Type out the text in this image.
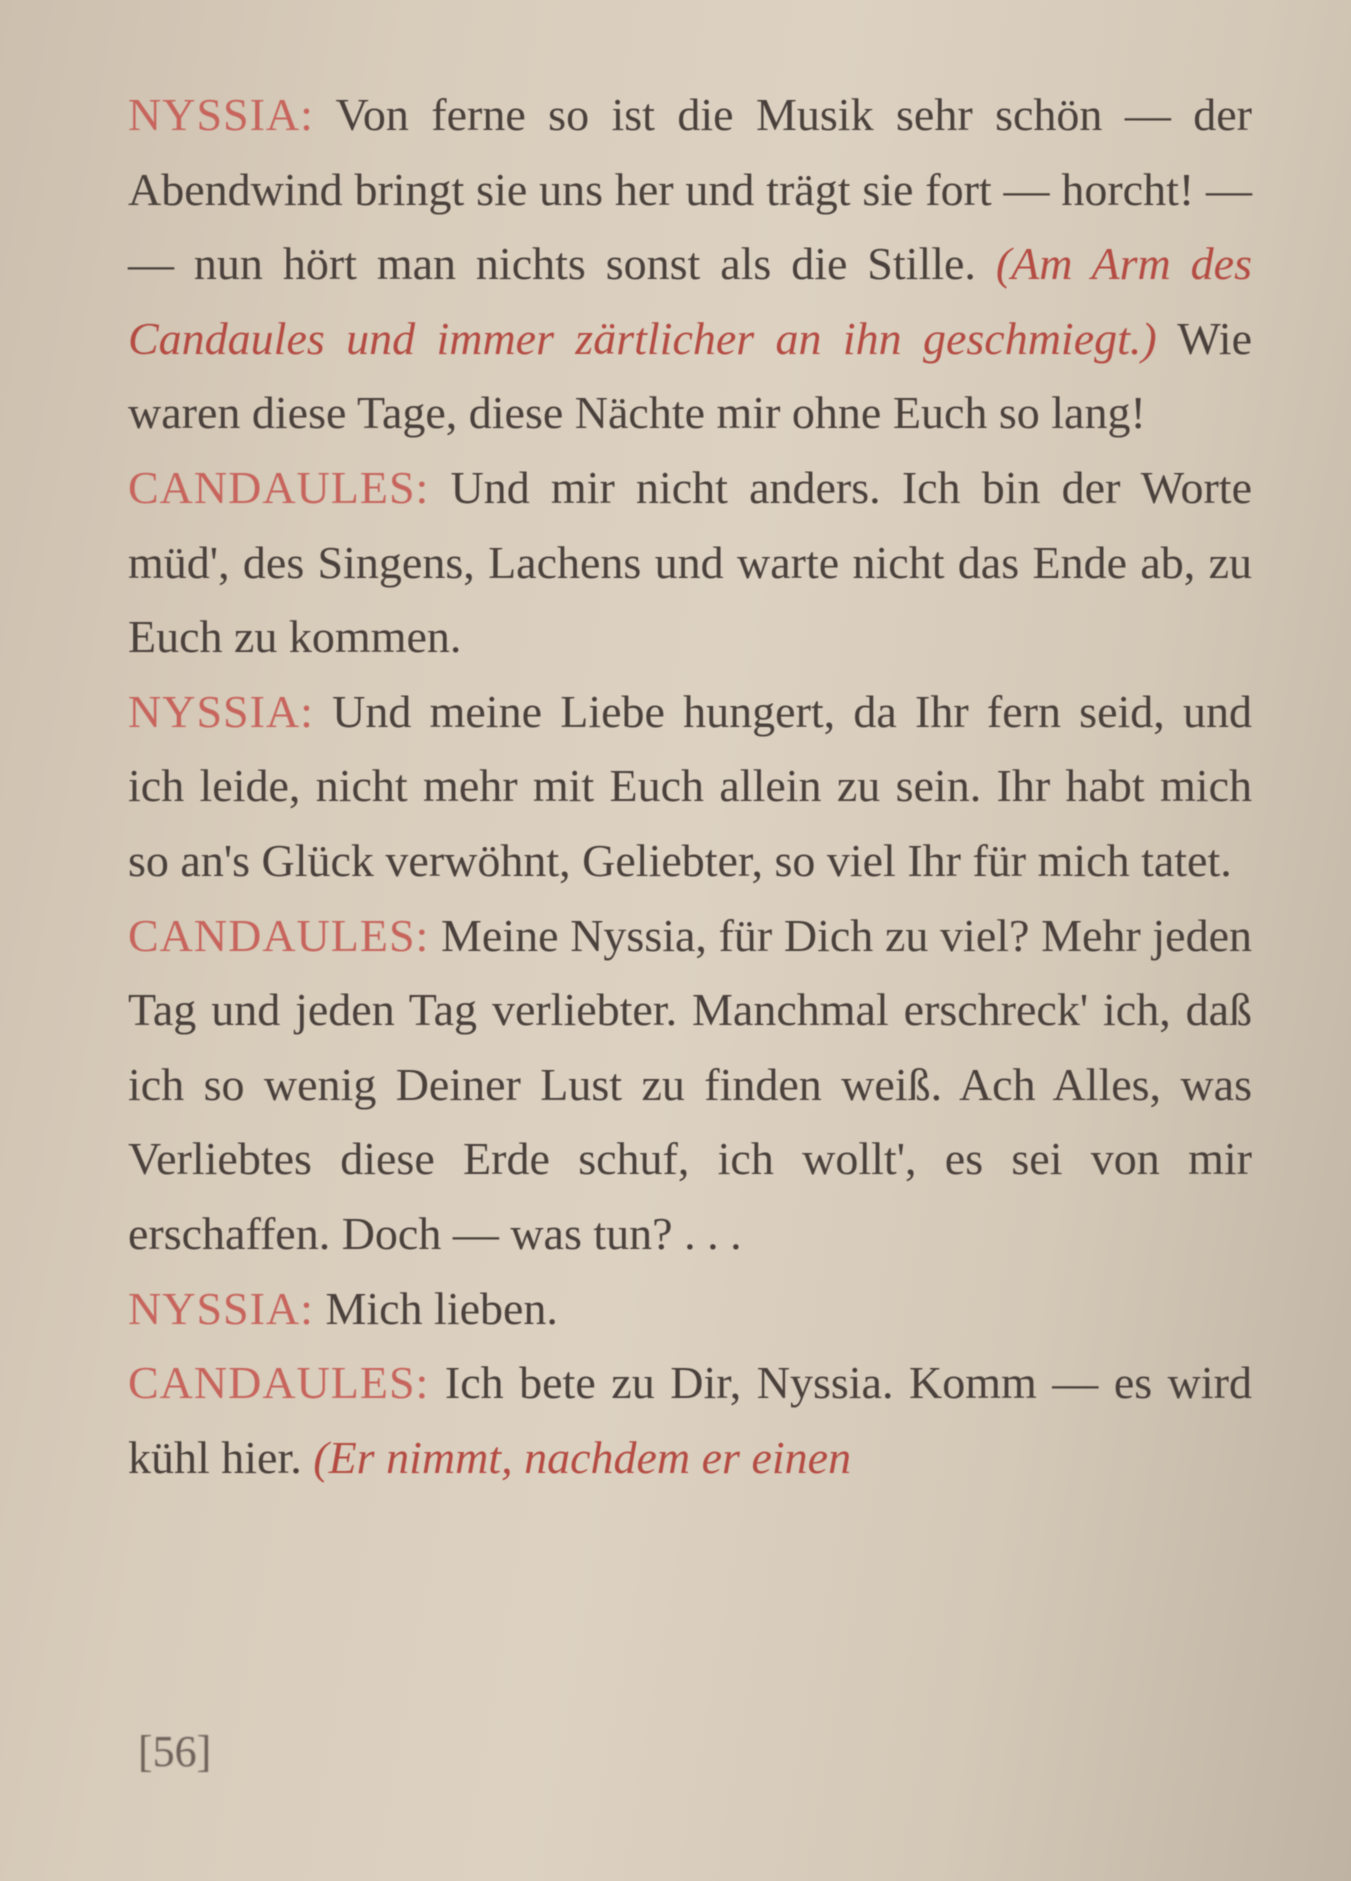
NYSSIA: Von ferne so ist die Musik sehr schön — der Abendwind bringt sie uns her und trägt sie fort — horcht! — — nun hört man nichts sonst als die Stille. (Am Arm des Candaules und immer zärtlicher an ihn geschmiegt.) Wie waren diese Tage, diese Nächte mir ohne Euch so lang!

CANDAULES: Und mir nicht anders. Ich bin der Worte müd', des Singens, Lachens und warte nicht das Ende ab, zu Euch zu kommen.

NYSSIA: Und meine Liebe hungert, da Ihr fern seid, und ich leide, nicht mehr mit Euch allein zu sein. Ihr habt mich so an's Glück verwöhnt, Geliebter, so viel Ihr für mich tatet.

CANDAULES: Meine Nyssia, für Dich zu viel? Mehr jeden Tag und jeden Tag verliebter. Manchmal erschreck' ich, daß ich so wenig Deiner Lust zu finden weiß. Ach Alles, was Verliebtes diese Erde schuf, ich wollt', es sei von mir erschaffen. Doch — was tun? . . .

NYSSIA: Mich lieben.

CANDAULES: Ich bete zu Dir, Nyssia. Komm — es wird kühl hier. (Er nimmt, nachdem er einen

[56]
